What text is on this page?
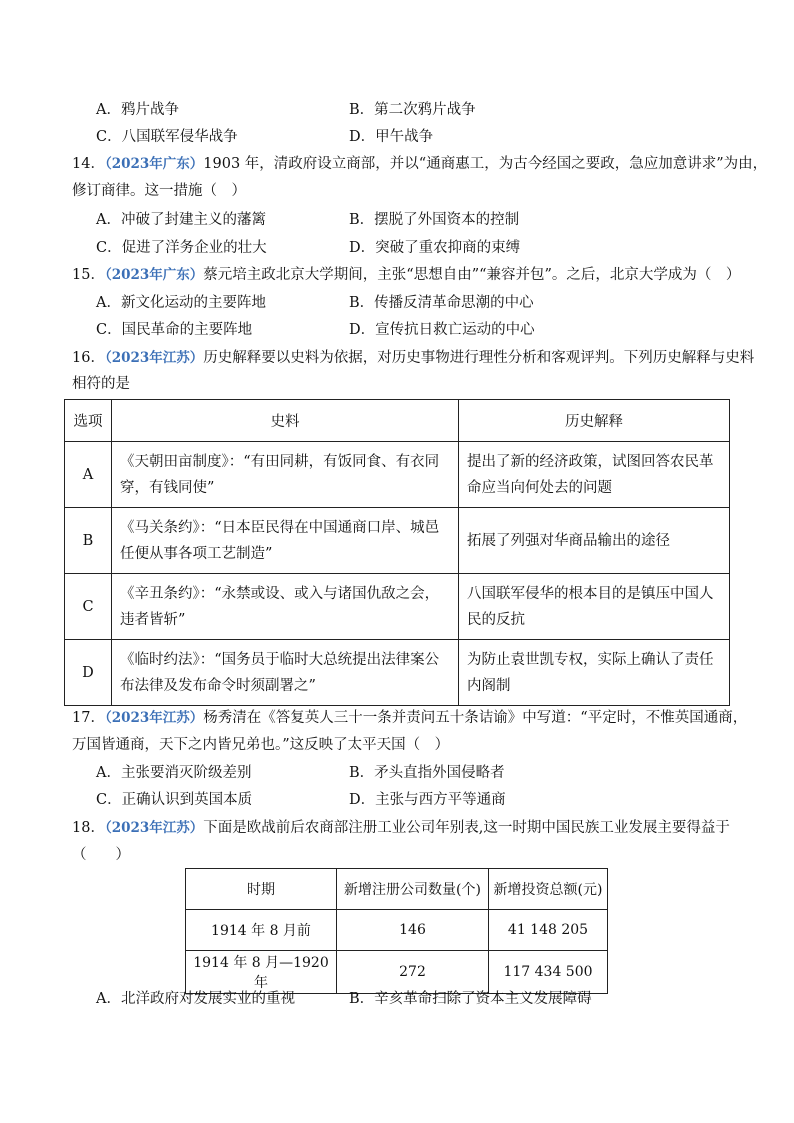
A．鸦片战争	B．第二次鸦片战争
C．八国联军侵华战争	D．甲午战争
14．（2023年广东）1903 年，清政府设立商部，并以“通商惠工，为古今经国之要政，急应加意讲求”为由，
修订商律。这一措施（　）
A．冲破了封建主义的藩篱	B．摆脱了外国资本的控制
C．促进了洋务企业的壮大	D．突破了重农抑商的束缚
15．（2023年广东）蔡元培主政北京大学期间，主张“思想自由”“兼容并包”。之后，北京大学成为（　）
A．新文化运动的主要阵地	B．传播反清革命思潮的中心
C．国民革命的主要阵地	D．宣传抗日救亡运动的中心
16．（2023年江苏）历史解释要以史料为依据，对历史事物进行理性分析和客观评判。下列历史解释与史料
相符的是
选项	史料	历史解释
A	《天朝田亩制度》：“有田同耕，有饭同食、有衣同穿，有钱同使”	提出了新的经济政策，试图回答农民革命应当向何处去的问题
B	《马关条约》：“日本臣民得在中国通商口岸、城邑任便从事各项工艺制造”	拓展了列强对华商品输出的途径
C	《辛丑条约》：“永禁或设、或入与诸国仇敌之会，违者皆斩”	八国联军侵华的根本目的是镇压中国人民的反抗
D	《临时约法》：“国务员于临时大总统提出法律案公布法律及发布命令时须副署之”	为防止袁世凯专权，实际上确认了责任内阁制
17．（2023年江苏）杨秀清在《答复英人三十一条并责问五十条诘谕》中写道：“平定时，不惟英国通商，
万国皆通商，天下之内皆兄弟也。”这反映了太平天国（　）
A．主张要消灭阶级差别	B．矛头直指外国侵略者
C．正确认识到英国本质	D．主张与西方平等通商
18．（2023年江苏）下面是欧战前后农商部注册工业公司年别表,这一时期中国民族工业发展主要得益于
（　　）
时期	新增注册公司数量(个)	新增投资总额(元)
1914 年 8 月前	146	41 148 205
1914 年 8 月—1920 年	272	117 434 500
A．北洋政府对发展实业的重视	B．辛亥革命扫除了资本主义发展障碍
